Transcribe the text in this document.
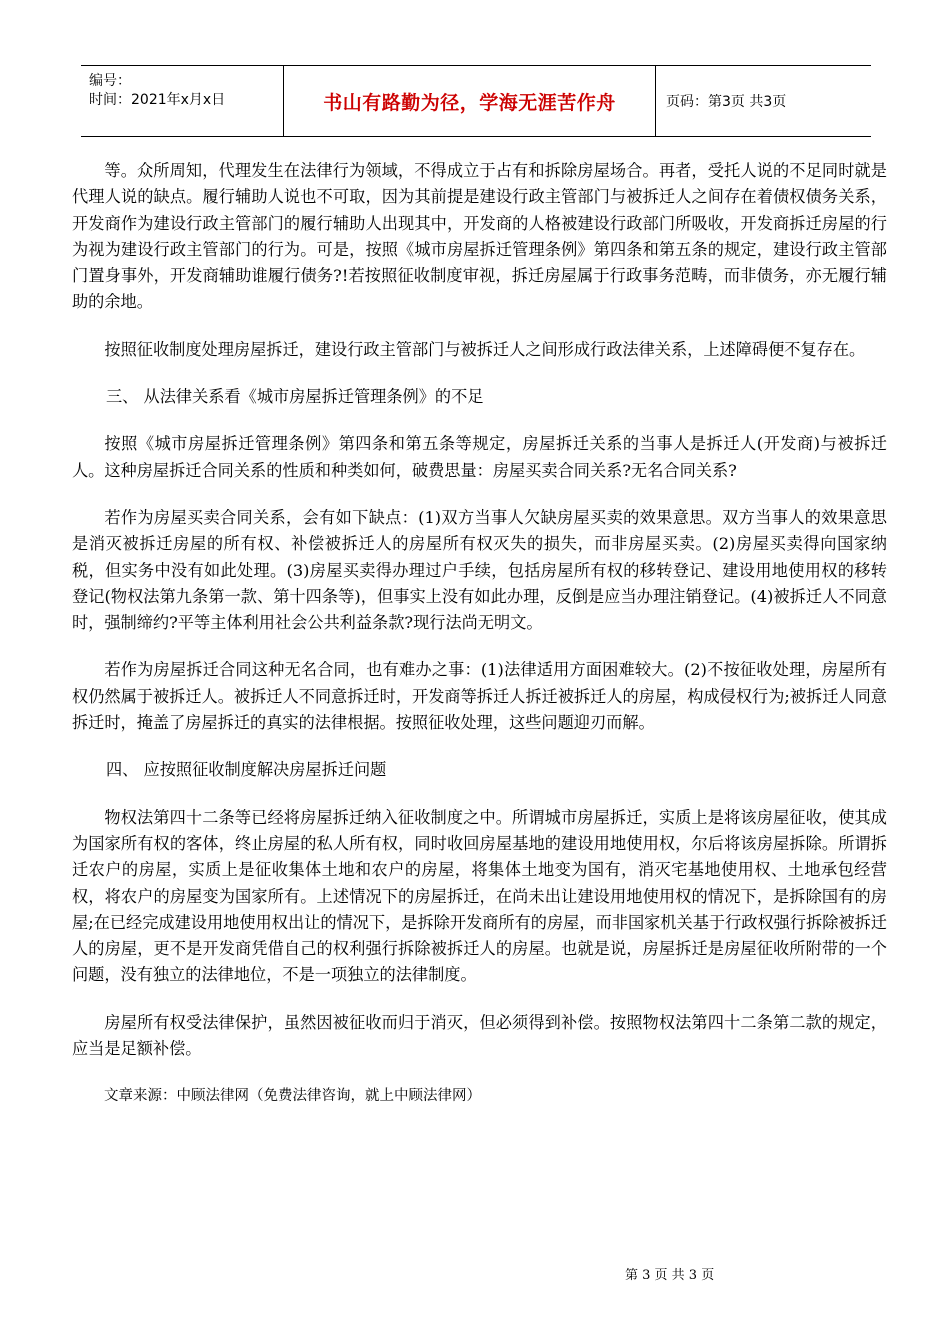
编号：
时间：2021年x月x日	书山有路勤为径，学海无涯苦作舟	页码：第3页 共3页

等。众所周知，代理发生在法律行为领域，不得成立于占有和拆除房屋场合。再者，受托人说的不足同时就是代理人说的缺点。履行辅助人说也不可取，因为其前提是建设行政主管部门与被拆迁人之间存在着债权债务关系，开发商作为建设行政主管部门的履行辅助人出现其中，开发商的人格被建设行政部门所吸收，开发商拆迁房屋的行为视为建设行政主管部门的行为。可是，按照《城市房屋拆迁管理条例》第四条和第五条的规定，建设行政主管部门置身事外，开发商辅助谁履行债务?!若按照征收制度审视，拆迁房屋属于行政事务范畴，而非债务，亦无履行辅助的余地。

按照征收制度处理房屋拆迁，建设行政主管部门与被拆迁人之间形成行政法律关系，上述障碍便不复存在。

三、 从法律关系看《城市房屋拆迁管理条例》的不足

按照《城市房屋拆迁管理条例》第四条和第五条等规定，房屋拆迁关系的当事人是拆迁人(开发商)与被拆迁人。这种房屋拆迁合同关系的性质和种类如何，破费思量：房屋买卖合同关系?无名合同关系?

若作为房屋买卖合同关系，会有如下缺点：(1)双方当事人欠缺房屋买卖的效果意思。双方当事人的效果意思是消灭被拆迁房屋的所有权、补偿被拆迁人的房屋所有权灭失的损失，而非房屋买卖。(2)房屋买卖得向国家纳税，但实务中没有如此处理。(3)房屋买卖得办理过户手续，包括房屋所有权的移转登记、建设用地使用权的移转登记(物权法第九条第一款、第十四条等)，但事实上没有如此办理，反倒是应当办理注销登记。(4)被拆迁人不同意时，强制缔约?平等主体利用社会公共利益条款?现行法尚无明文。

若作为房屋拆迁合同这种无名合同，也有难办之事：(1)法律适用方面困难较大。(2)不按征收处理，房屋所有权仍然属于被拆迁人。被拆迁人不同意拆迁时，开发商等拆迁人拆迁被拆迁人的房屋，构成侵权行为;被拆迁人同意拆迁时，掩盖了房屋拆迁的真实的法律根据。按照征收处理，这些问题迎刃而解。

四、 应按照征收制度解决房屋拆迁问题

物权法第四十二条等已经将房屋拆迁纳入征收制度之中。所谓城市房屋拆迁，实质上是将该房屋征收，使其成为国家所有权的客体，终止房屋的私人所有权，同时收回房屋基地的建设用地使用权，尔后将该房屋拆除。所谓拆迁农户的房屋，实质上是征收集体土地和农户的房屋，将集体土地变为国有，消灭宅基地使用权、土地承包经营权，将农户的房屋变为国家所有。上述情况下的房屋拆迁，在尚未出让建设用地使用权的情况下，是拆除国有的房屋;在已经完成建设用地使用权出让的情况下，是拆除开发商所有的房屋，而非国家机关基于行政权强行拆除被拆迁人的房屋，更不是开发商凭借自己的权利强行拆除被拆迁人的房屋。也就是说，房屋拆迁是房屋征收所附带的一个问题，没有独立的法律地位，不是一项独立的法律制度。

房屋所有权受法律保护，虽然因被征收而归于消灭，但必须得到补偿。按照物权法第四十二条第二款的规定，应当是足额补偿。

文章来源：中顾法律网（免费法律咨询，就上中顾法律网）

第 3 页 共 3 页
